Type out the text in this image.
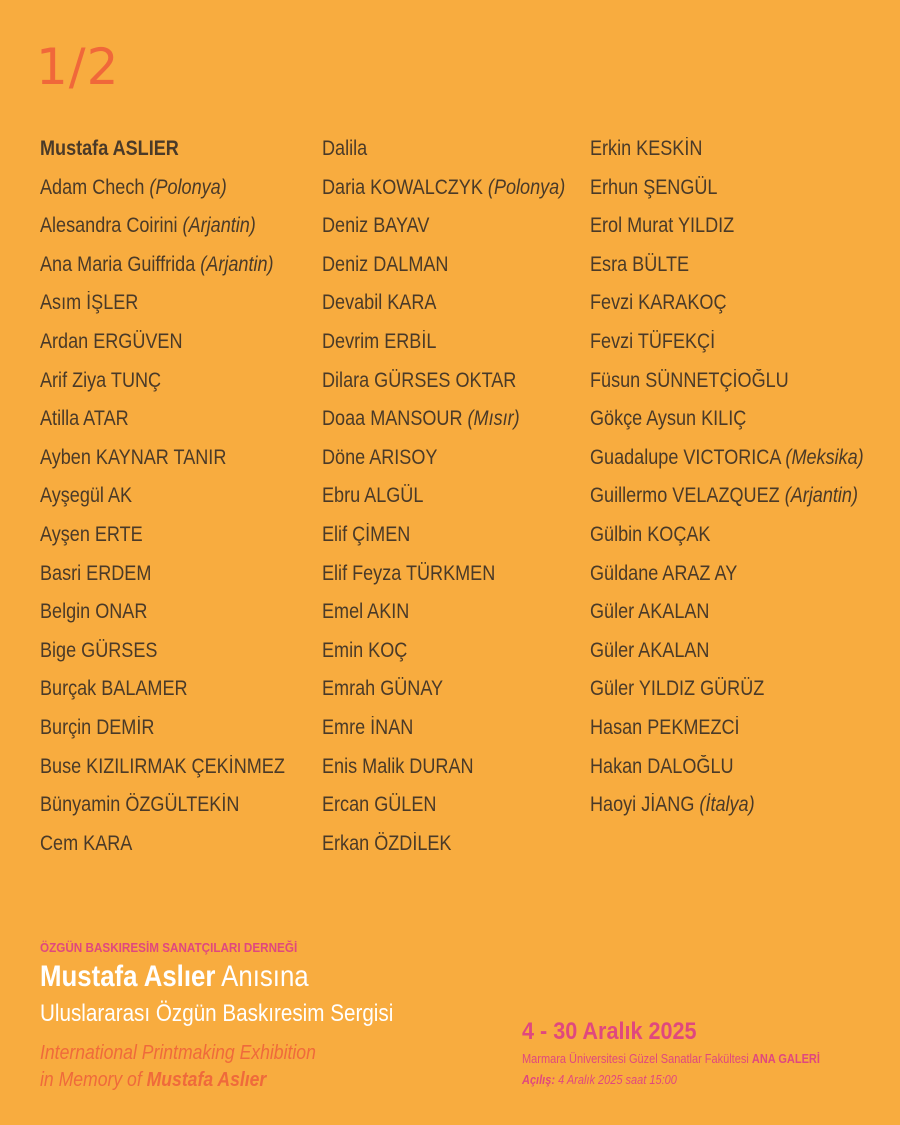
1/2
Mustafa ASLIER
Adam Chech (Polonya)
Alesandra Coirini (Arjantin)
Ana Maria Guiffrida (Arjantin)
Asım İŞLER
Ardan ERGÜVEN
Arif Ziya TUNÇ
Atilla ATAR
Ayben KAYNAR TANIR
Ayşegül AK
Ayşen ERTE
Basri ERDEM
Belgin ONAR
Bige GÜRSES
Burçak BALAMER
Burçin DEMİR
Buse KIZILIRMAK ÇEKİNMEZ
Bünyamin ÖZGÜLTEKİN
Cem KARA
Dalila
Daria KOWALCZYK (Polonya)
Deniz BAYAV
Deniz DALMAN
Devabil KARA
Devrim ERBİL
Dilara GÜRSES OKTAR
Doaa MANSOUR (Mısır)
Döne ARISOY
Ebru ALGÜL
Elif ÇİMEN
Elif Feyza TÜRKMEN
Emel AKIN
Emin KOÇ
Emrah GÜNAY
Emre İNAN
Enis Malik DURAN
Ercan GÜLEN
Erkan ÖZDİLEK
Erkin KESKİN
Erhun ŞENGÜL
Erol Murat YILDIZ
Esra BÜLTE
Fevzi KARAKOÇ
Fevzi TÜFEKÇİ
Füsun SÜNNETÇİOĞLU
Gökçe Aysun KILIÇ
Guadalupe VICTORICA (Meksika)
Guillermo VELAZQUEZ (Arjantin)
Gülbin KOÇAK
Güldane ARAZ AY
Güler AKALAN
Güler AKALAN
Güler YILDIZ GÜRÜZ
Hasan PEKMEZCİ
Hakan DALOĞLU
Haoyi JİANG (İtalya)
ÖZGÜN BASKIRESİM SANATÇILARI DERNEĞİ
Mustafa Aslıer Anısına
Uluslararası Özgün Baskıresim Sergisi
International Printmaking Exhibition
in Memory of Mustafa Aslıer
4 - 30 Aralık 2025
Marmara Üniversitesi Güzel Sanatlar Fakültesi ANA GALERİ
Açılış: 4 Aralık 2025 saat 15:00
